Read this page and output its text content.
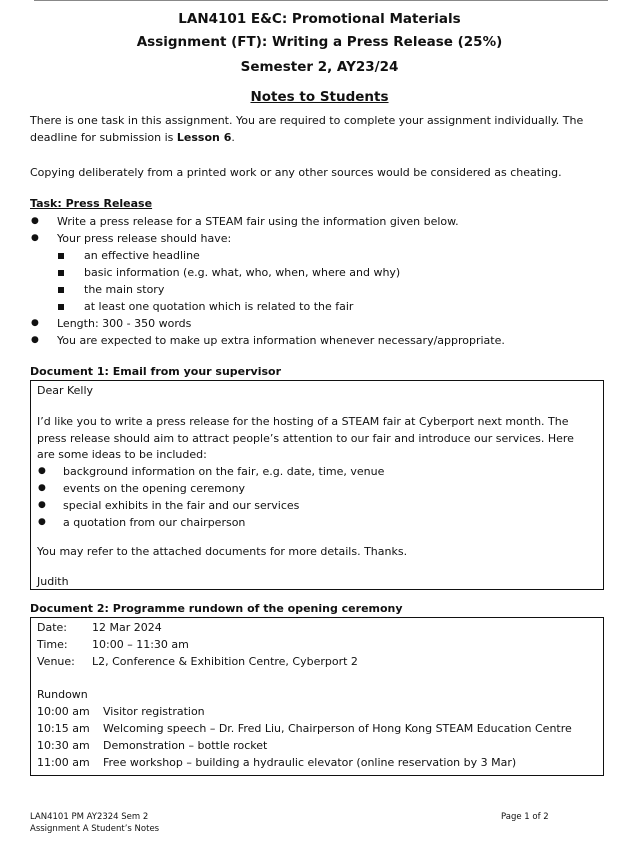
LAN4101 E&C: Promotional Materials
Assignment (FT): Writing a Press Release (25%)
Semester 2, AY23/24
Notes to Students
There is one task in this assignment. You are required to complete your assignment individually. The deadline for submission is Lesson 6.
Copying deliberately from a printed work or any other sources would be considered as cheating.
Task: Press Release
● Write a press release for a STEAM fair using the information given below.
● Your press release should have:
an effective headline
basic information (e.g. what, who, when, where and why)
the main story
at least one quotation which is related to the fair
● Length: 300 - 350 words
● You are expected to make up extra information whenever necessary/appropriate.
Document 1: Email from your supervisor
Dear Kelly
I’d like you to write a press release for the hosting of a STEAM fair at Cyberport next month. The
press release should aim to attract people’s attention to our fair and introduce our services. Here
are some ideas to be included:
● background information on the fair, e.g. date, time, venue
● events on the opening ceremony
● special exhibits in the fair and our services
● a quotation from our chairperson
You may refer to the attached documents for more details. Thanks.
Judith
Document 2: Programme rundown of the opening ceremony
Date: 12 Mar 2024
Time: 10:00 – 11:30 am
Venue: L2, Conference & Exhibition Centre, Cyberport 2
Rundown
10:00 am Visitor registration
10:15 am Welcoming speech – Dr. Fred Liu, Chairperson of Hong Kong STEAM Education Centre
10:30 am Demonstration – bottle rocket
11:00 am Free workshop – building a hydraulic elevator (online reservation by 3 Mar)
LAN4101 PM AY2324 Sem 2
Assignment A Student’s Notes
Page 1 of 2
